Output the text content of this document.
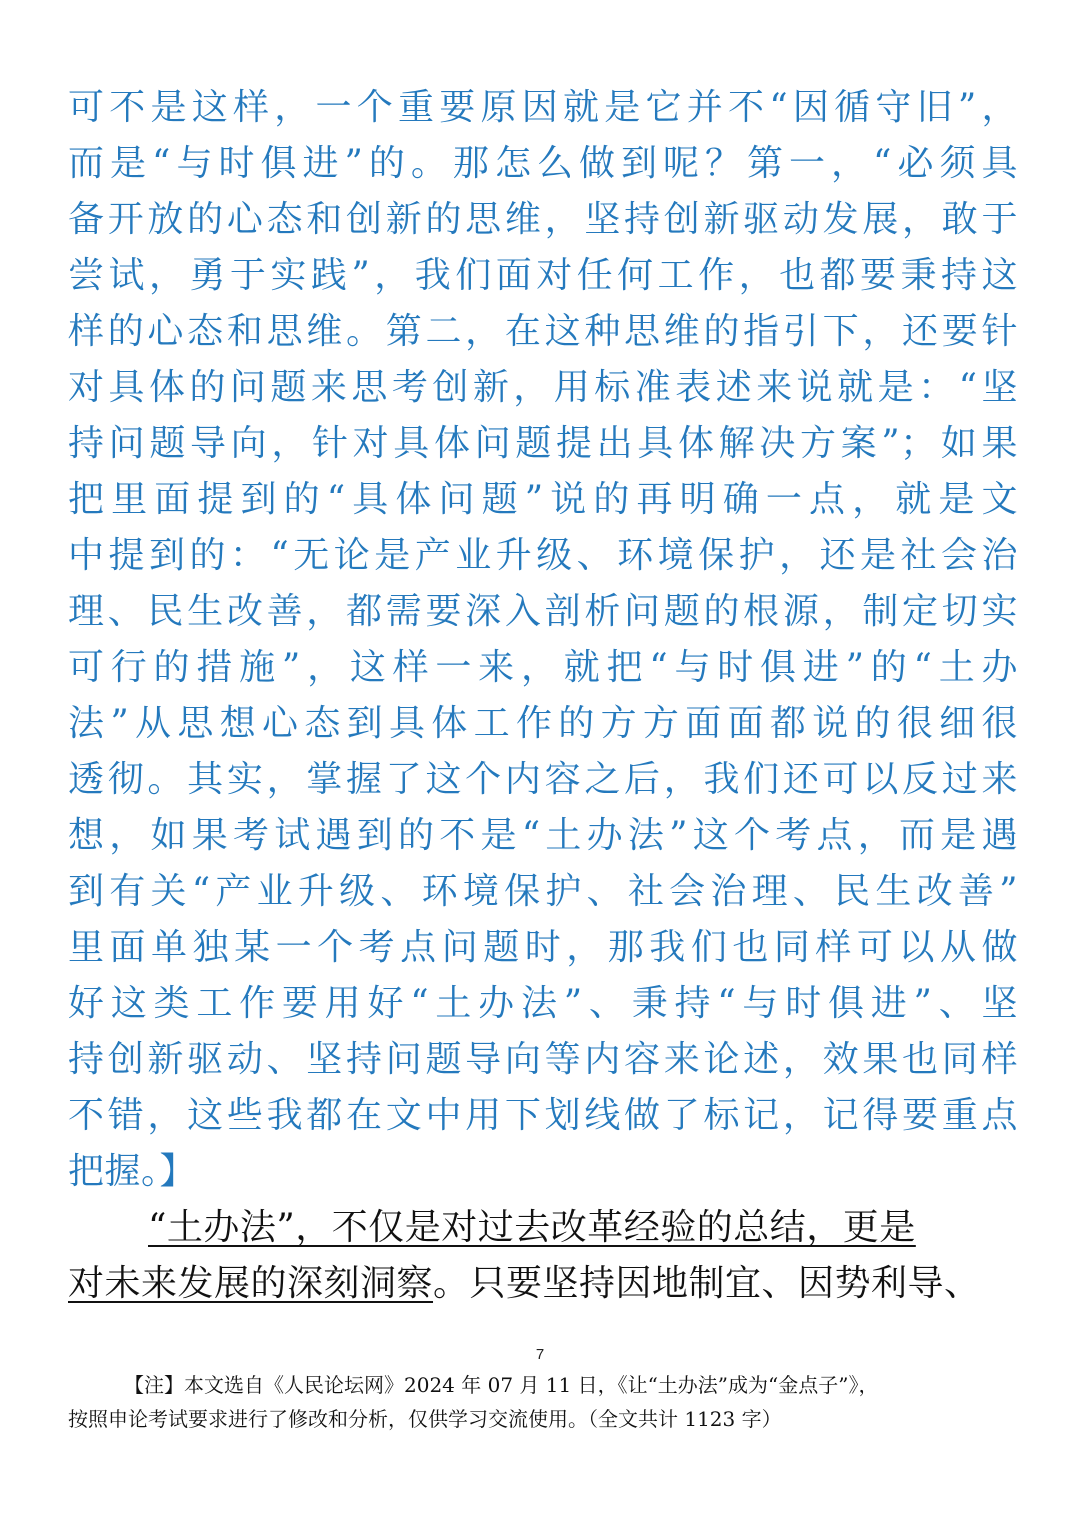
可不是这样，一个重要原因就是它并不“因循守旧”，
而是“与时俱进”的。那怎么做到呢？第一，“必须具
备开放的心态和创新的思维，坚持创新驱动发展，敢于
尝试，勇于实践”，我们面对任何工作，也都要秉持这
样的心态和思维。第二，在这种思维的指引下，还要针
对具体的问题来思考创新，用标准表述来说就是：“坚
持问题导向，针对具体问题提出具体解决方案”；如果
把里面提到的“具体问题”说的再明确一点，就是文
中提到的：“无论是产业升级、环境保护，还是社会治
理、民生改善，都需要深入剖析问题的根源，制定切实
可行的措施”，这样一来，就把“与时俱进”的“土办
法”从思想心态到具体工作的方方面面都说的很细很
透彻。其实，掌握了这个内容之后，我们还可以反过来
想，如果考试遇到的不是“土办法”这个考点，而是遇
到有关“产业升级、环境保护、社会治理、民生改善”
里面单独某一个考点问题时，那我们也同样可以从做
好这类工作要用好“土办法”、秉持“与时俱进”、坚
持创新驱动、坚持问题导向等内容来论述，效果也同样
不错，这些我都在文中用下划线做了标记，记得要重点
把握。】
“土办法”，不仅是对过去改革经验的总结，更是
对未来发展的深刻洞察。只要坚持因地制宜、因势利导、
7
【注】本文选自《人民论坛网》2024 年 07 月 11 日，《让“土办法”成为“金点子”》，
按照申论考试要求进行了修改和分析，仅供学习交流使用。（全文共计 1123 字）
